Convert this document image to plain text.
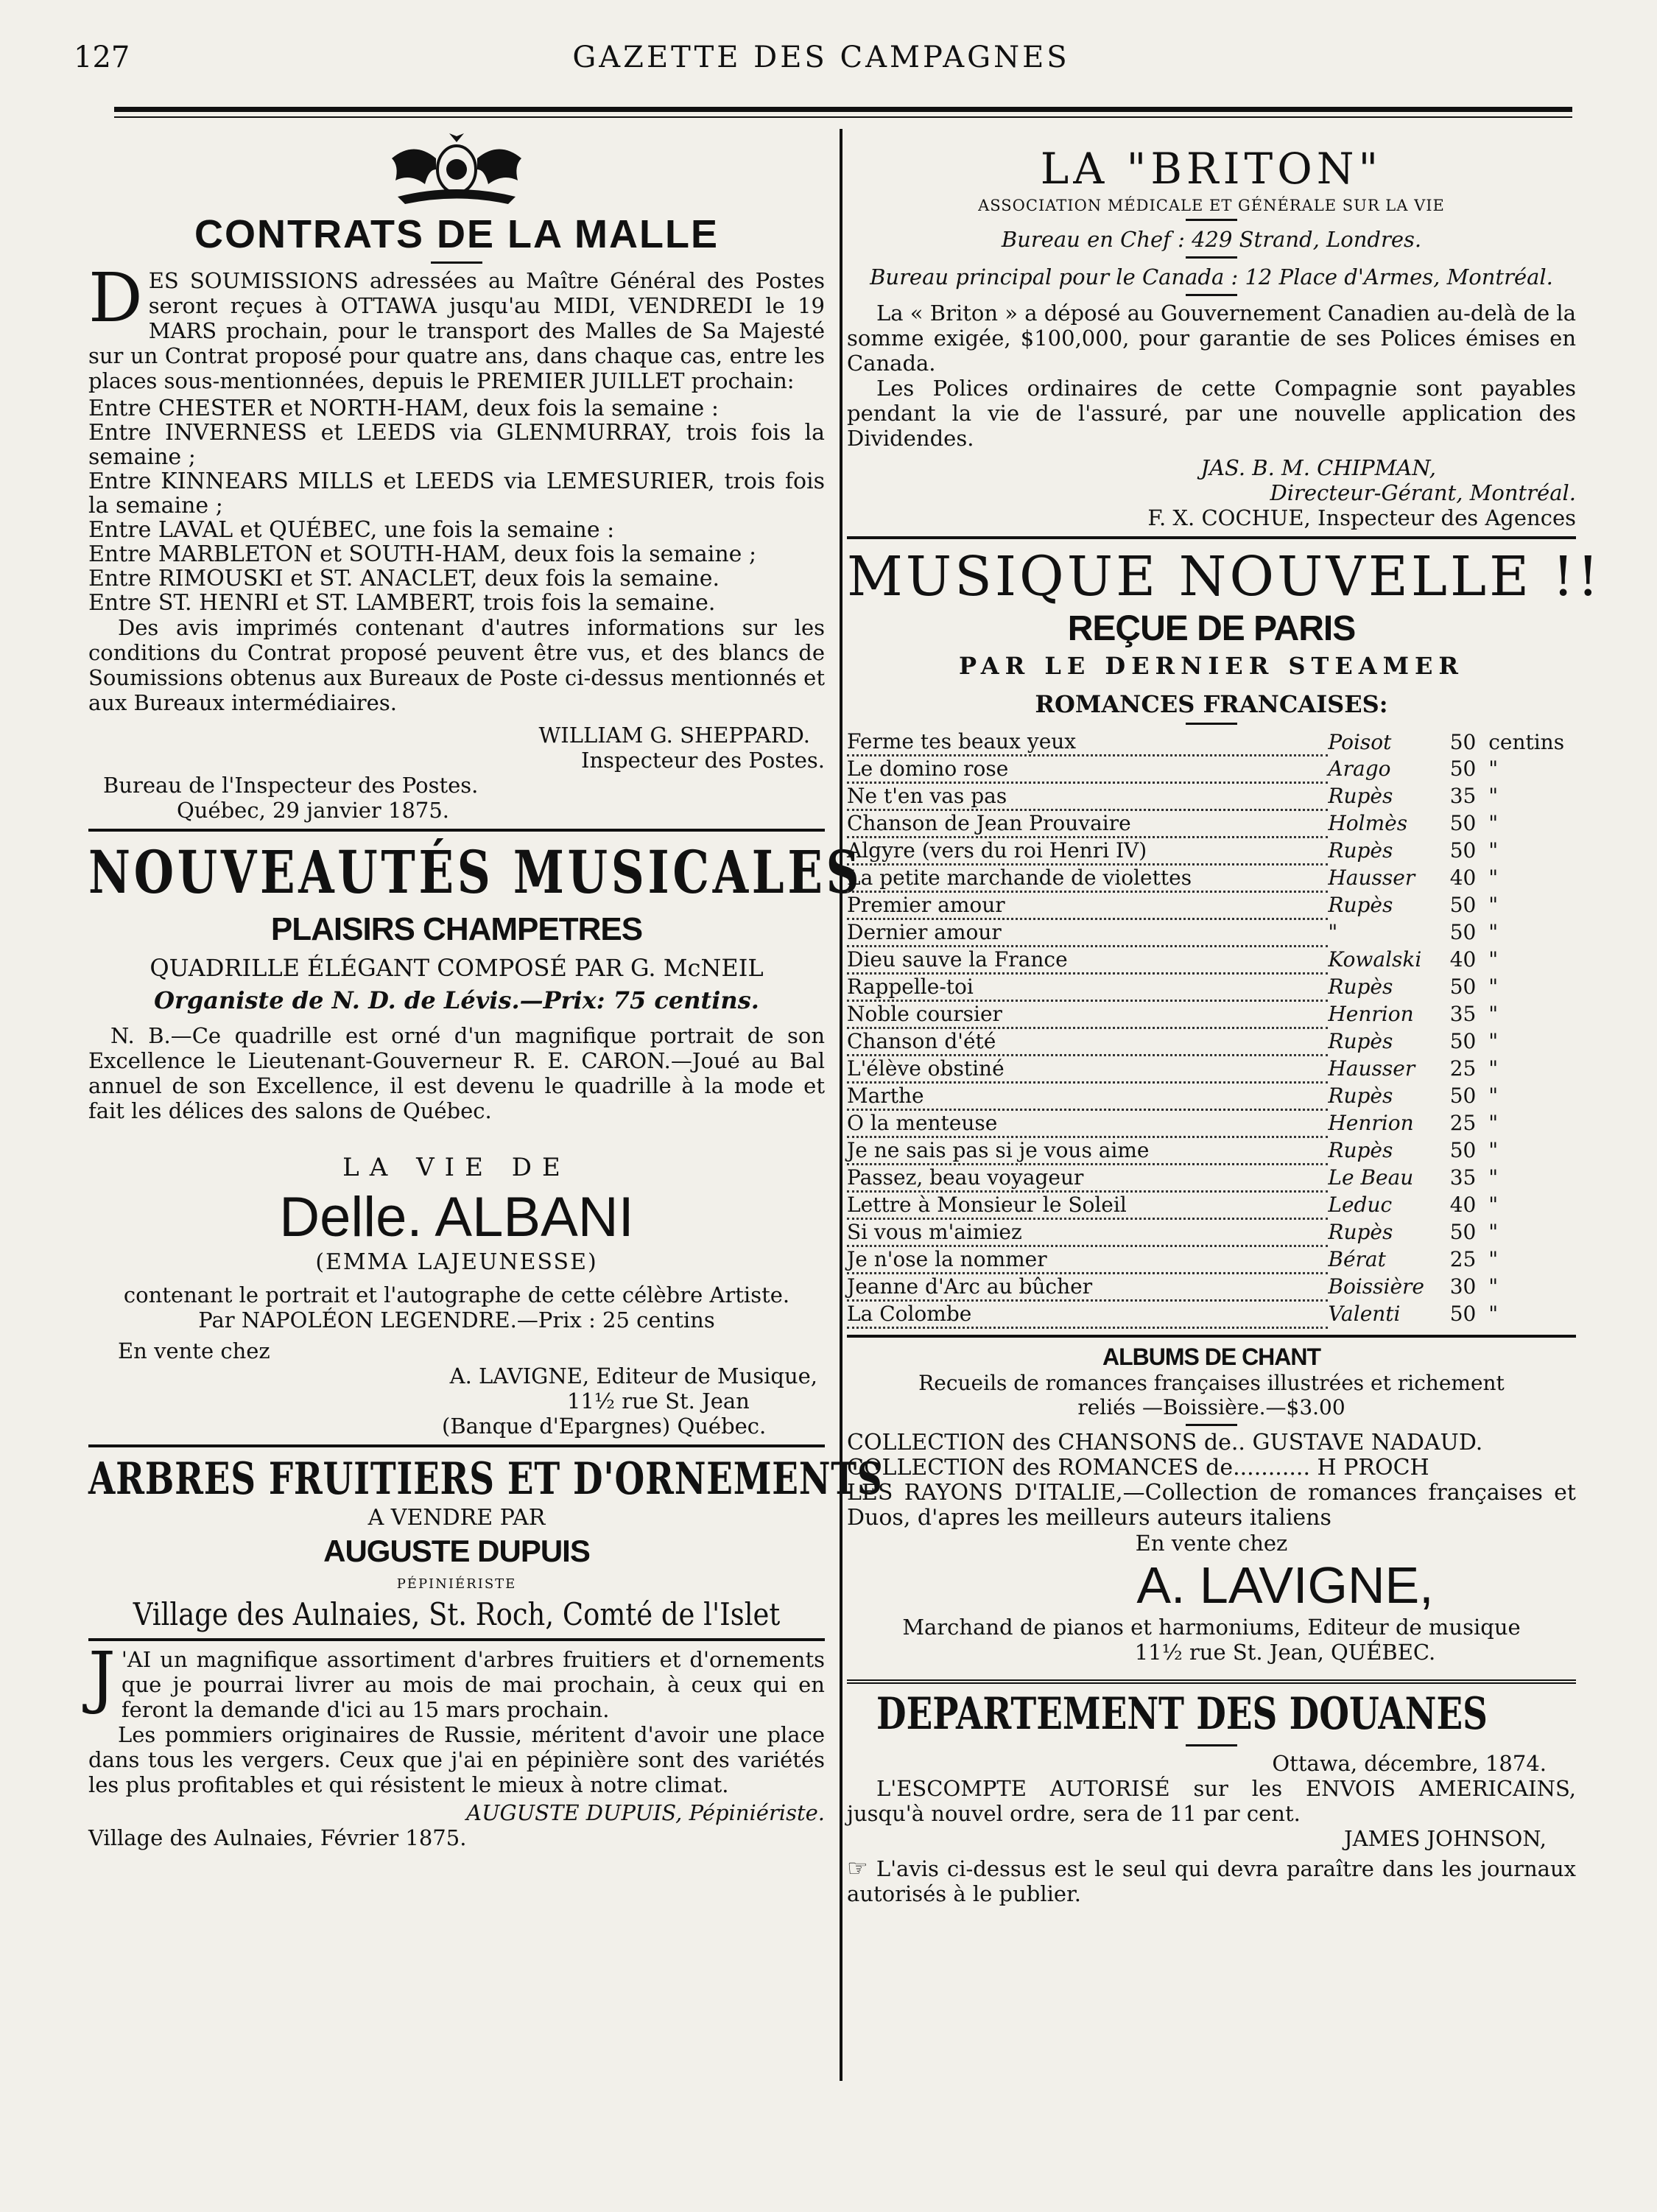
127	GAZETTE DES CAMPAGNES
CONTRATS DE LA MALLE
DES SOUMISSIONS adressées au Maître Général des Postes seront reçues à OTTAWA jusqu'au MIDI, VENDREDI le 19 MARS prochain, pour le transport des Malles de Sa Majesté sur un Contrat proposé pour quatre ans, dans chaque cas, entre les places sous-mentionnées, depuis le PREMIER JUILLET prochain:

Entre CHESTER et NORTH-HAM, deux fois la semaine :

Entre INVERNESS et LEEDS via GLENMURRAY, trois fois la semaine ;

Entre KINNEARS MILLS et LEEDS via LEMESURIER, trois fois la semaine ;

Entre LAVAL et QUÉBEC, une fois la semaine :

Entre MARBLETON et SOUTH-HAM, deux fois la semaine ;

Entre RIMOUSKI et ST. ANACLET, deux fois la semaine.

Entre ST. HENRI et ST. LAMBERT, trois fois la semaine.

Des avis imprimés contenant d'autres informations sur les conditions du Contrat proposé peuvent être vus, et des blancs de Soumissions obtenus aux Bureaux de Poste ci-dessus mentionnés et aux Bureaux intermédiaires.

WILLIAM G. SHEPPARD.

Inspecteur des Postes.

Bureau de l'Inspecteur des Postes.

Québec, 29 janvier 1875.

NOUVEAUTÉS MUSICALES
PLAISIRS CHAMPETRES
QUADRILLE ÉLÉGANT COMPOSÉ PAR G. McNEIL
Organiste de N. D. de Lévis.—Prix: 75 centins.

N. B.—Ce quadrille est orné d'un magnifique portrait de son Excellence le Lieutenant-Gouverneur R. E. CARON.—Joué au Bal annuel de son Excellence, il est devenu le quadrille à la mode et fait les délices des salons de Québec.

LA VIE DE
Delle. ALBANI
(EMMA LAJEUNESSE)
contenant le portrait et l'autographe de cette célèbre Artiste.
Par NAPOLÉON LEGENDRE.—Prix : 25 centins

En vente chez

A. LAVIGNE, Editeur de Musique,

11½ rue St. Jean

(Banque d'Epargnes) Québec.

ARBRES FRUITIERS ET D'ORNEMENTS
A VENDRE PAR
AUGUSTE DUPUIS
PÉPINIÉRISTE
Village des Aulnaies, St. Roch, Comté de l'Islet
J 'AI un magnifique assortiment d'arbres fruitiers et d'ornements que je pourrai livrer au mois de mai prochain, à ceux qui en feront la demande d'ici au 15 mars prochain.

Les pommiers originaires de Russie, méritent d'avoir une place dans tous les vergers. Ceux que j'ai en pépinière sont des variétés les plus profitables et qui résistent le mieux à notre climat.

AUGUSTE DUPUIS, Pépiniériste.

Village des Aulnaies, Février 1875.

LA "BRITON"
ASSOCIATION MÉDICALE ET GÉNÉRALE SUR LA VIE
Bureau en Chef : 429 Strand, Londres.
Bureau principal pour le Canada : 12 Place d'Armes, Montréal.

La « Briton » a déposé au Gouvernement Canadien au-delà de la somme exigée, $100,000, pour garantie de ses Polices émises en Canada.

Les Polices ordinaires de cette Compagnie sont payables pendant la vie de l'assuré, par une nouvelle application des Dividendes.

JAS. B. M. CHIPMAN,

Directeur-Gérant, Montréal.

F. X. COCHUE, Inspecteur des Agences

MUSIQUE NOUVELLE !!
REÇUE DE PARIS
PAR LE DERNIER STEAMER
ROMANCES FRANCAISES:
Ferme tes beaux yeux	Poisot	50	centins
Le domino rose	Arago	50	"
Ne t'en vas pas	Rupès	35	"
Chanson de Jean Prouvaire	Holmès	50	"
Algyre (vers du roi Henri IV)	Rupès	50	"
La petite marchande de violettes	Hausser	40	"
Premier amour	Rupès	50	"
Dernier amour	"	50	"
Dieu sauve la France	Kowalski	40	"
Rappelle-toi	Rupès	50	"
Noble coursier	Henrion	35	"
Chanson d'été	Rupès	50	"
L'élève obstiné	Hausser	25	"
Marthe	Rupès	50	"
O la menteuse	Henrion	25	"
Je ne sais pas si je vous aime	Rupès	50	"
Passez, beau voyageur	Le Beau	35	"
Lettre à Monsieur le Soleil	Leduc	40	"
Si vous m'aimiez	Rupès	50	"
Je n'ose la nommer	Bérat	25	"
Jeanne d'Arc au bûcher	Boissière	30	"
La Colombe	Valenti	50	"
ALBUMS DE CHANT
Recueils de romances françaises illustrées et richement reliés —Boissière.—$3.00

COLLECTION des CHANSONS de.. GUSTAVE NADAUD.

COLLECTION des ROMANCES de........... H PROCH

LES RAYONS D'ITALIE,—Collection de romances françaises et Duos, d'apres les meilleurs auteurs italiens

En vente chez
A. LAVIGNE,
Marchand de pianos et harmoniums, Editeur de musique
11½ rue St. Jean, QUÉBEC.
DEPARTEMENT DES DOUANES

Ottawa, décembre, 1874.

L'ESCOMPTE AUTORISÉ sur les ENVOIS AMERICAINS, jusqu'à nouvel ordre, sera de 11 par cent.

JAMES JOHNSON,

☞ L'avis ci-dessus est le seul qui devra paraître dans les journaux autorisés à le publier.
